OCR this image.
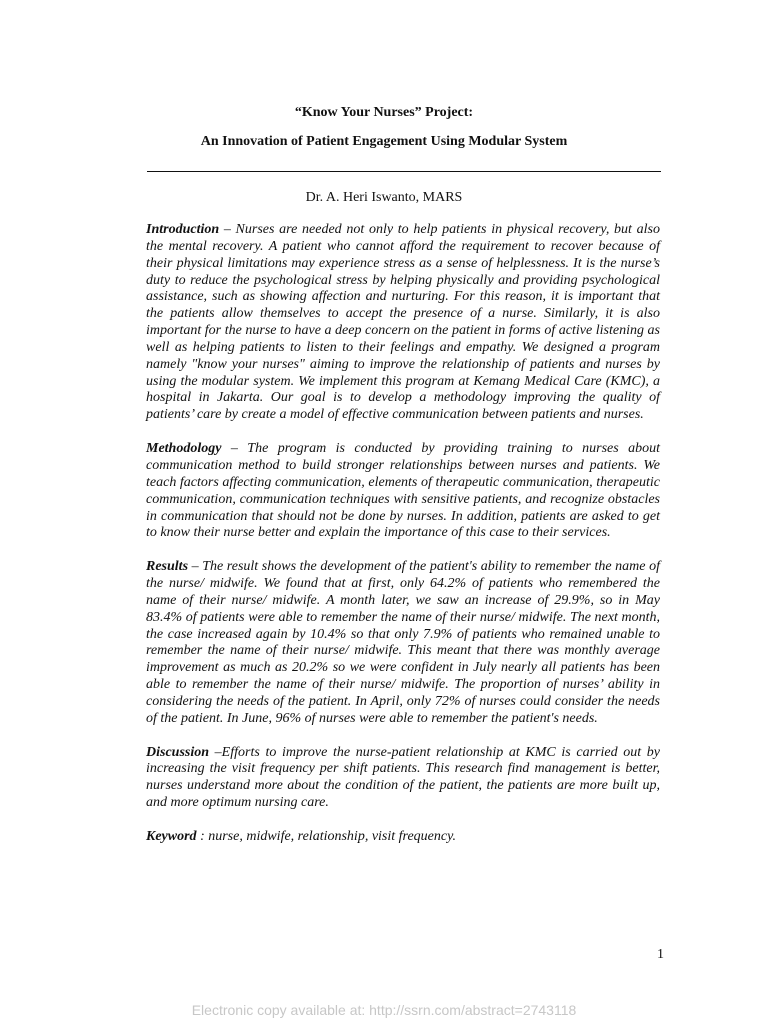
“Know Your Nurses” Project:
An Innovation of Patient Engagement Using Modular System
Dr. A. Heri Iswanto, MARS

Introduction – Nurses are needed not only to help patients in physical recovery, but also the mental recovery. A patient who cannot afford the requirement to recover because of their physical limitations may experience stress as a sense of helplessness. It is the nurse’s duty to reduce the psychological stress by helping physically and providing psychological assistance, such as showing affection and nurturing. For this reason, it is important that the patients allow themselves to accept the presence of a nurse. Similarly, it is also important for the nurse to have a deep concern on the patient in forms of active listening as well as helping patients to listen to their feelings and empathy. We designed a program namely "know your nurses" aiming to improve the relationship of patients and nurses by using the modular system. We implement this program at Kemang Medical Care (KMC), a hospital in Jakarta. Our goal is to develop a methodology improving the quality of patients’ care by create a model of effective communication between patients and nurses.

Methodology – The program is conducted by providing training to nurses about communication method to build stronger relationships between nurses and patients. We teach factors affecting communication, elements of therapeutic communication, therapeutic communication, communication techniques with sensitive patients, and recognize obstacles in communication that should not be done by nurses. In addition, patients are asked to get to know their nurse better and explain the importance of this case to their services.

Results – The result shows the development of the patient's ability to remember the name of the nurse/ midwife. We found that at first, only 64.2% of patients who remembered the name of their nurse/ midwife. A month later, we saw an increase of 29.9%, so in May 83.4% of patients were able to remember the name of their nurse/ midwife. The next month, the case increased again by 10.4% so that only 7.9% of patients who remained unable to remember the name of their nurse/ midwife. This meant that there was monthly average improvement as much as 20.2% so we were confident in July nearly all patients has been able to remember the name of their nurse/ midwife. The proportion of nurses’ ability in considering the needs of the patient. In April, only 72% of nurses could consider the needs of the patient. In June, 96% of nurses were able to remember the patient's needs.

Discussion –Efforts to improve the nurse-patient relationship at KMC is carried out by increasing the visit frequency per shift patients. This research find management is better, nurses understand more about the condition of the patient, the patients are more built up, and more optimum nursing care.

Keyword : nurse, midwife, relationship, visit frequency.

1
Electronic copy available at: http://ssrn.com/abstract=2743118
